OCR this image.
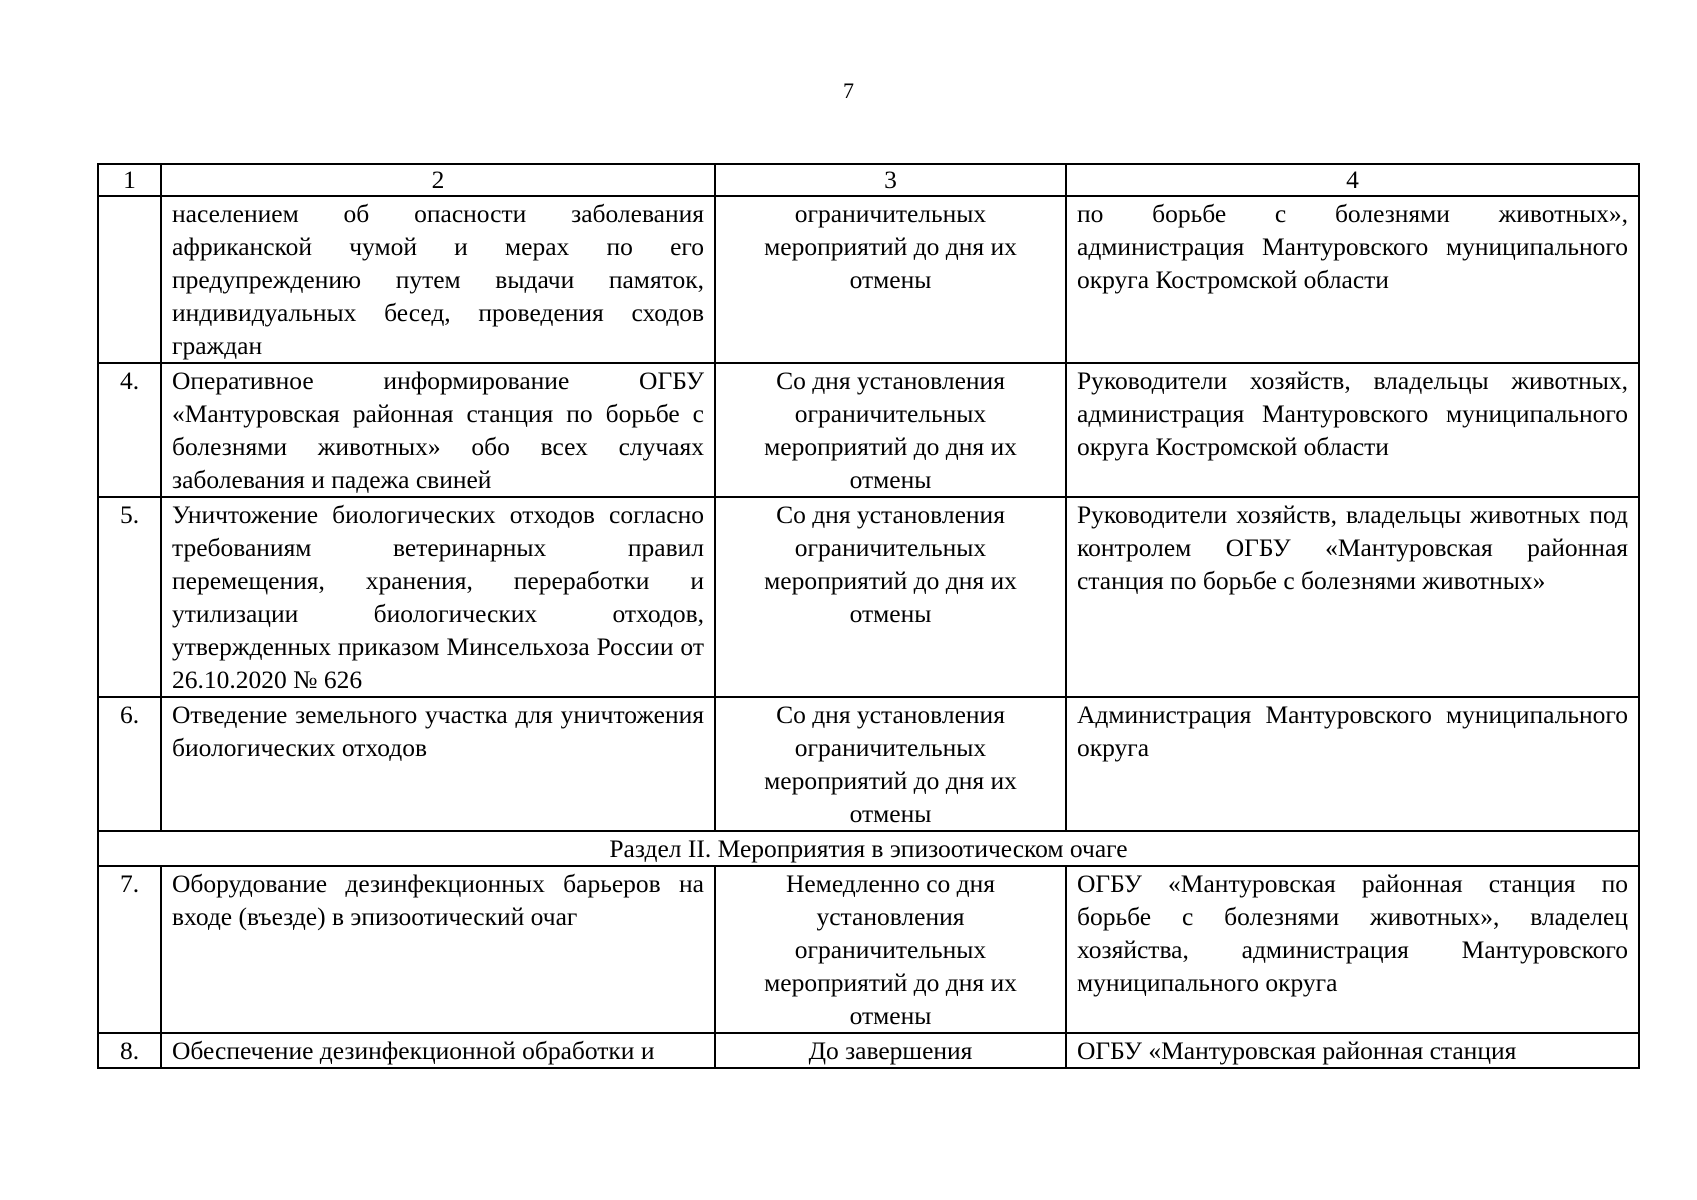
7
1	2	3	4
	населением об опасности заболевания африканской чумой и мерах по его предупреждению путем выдачи памяток, индивидуальных бесед, проведения сходов граждан	ограничительных мероприятий до дня их отмены	по борьбе с болезнями животных», администрация Мантуровского муниципального округа Костромской области
4.	Оперативное информирование ОГБУ «Мантуровская районная станция по борьбе с болезнями животных» обо всех случаях заболевания и падежа свиней	Со дня установления ограничительных мероприятий до дня их отмены	Руководители хозяйств, владельцы животных, администрация Мантуровского муниципального округа Костромской области
5.	Уничтожение биологических отходов согласно требованиям ветеринарных правил перемещения, хранения, переработки и утилизации биологических отходов, утвержденных приказом Минсельхоза России от 26.10.2020 № 626	Со дня установления ограничительных мероприятий до дня их отмены	Руководители хозяйств, владельцы животных под контролем ОГБУ «Мантуровская районная станция по борьбе с болезнями животных»
6.	Отведение земельного участка для уничтожения биологических отходов	Со дня установления ограничительных мероприятий до дня их отмены	Администрация Мантуровского муниципального округа
Раздел II. Мероприятия в эпизоотическом очаге			
7.	Оборудование дезинфекционных барьеров на входе (въезде) в эпизоотический очаг	Немедленно со дня установления ограничительных мероприятий до дня их отмены	ОГБУ «Мантуровская районная станция по борьбе с болезнями животных», владелец хозяйства, администрация Мантуровского муниципального округа
8.	Обеспечение дезинфекционной обработки и	До завершения	ОГБУ «Мантуровская районная станция
